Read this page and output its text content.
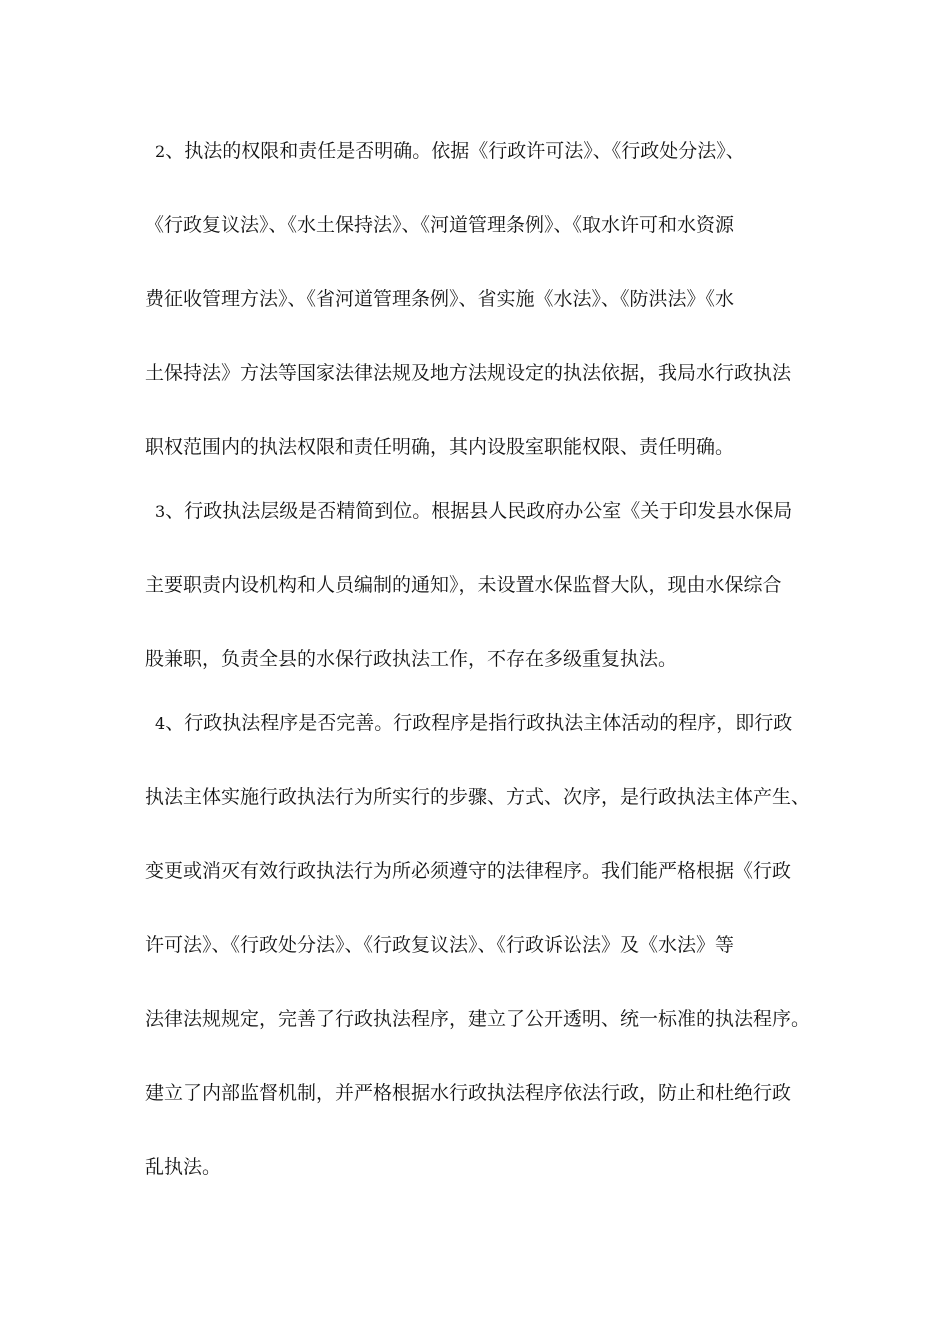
2、执法的权限和责任是否明确。依据《行政许可法》、《行政处分法》、
《行政复议法》、《水土保持法》、《河道管理条例》、《取水许可和水资源
费征收管理方法》、《省河道管理条例》、省实施《水法》、《防洪法》《水
土保持法》方法等国家法律法规及地方法规设定的执法依据，我局水行政执法
职权范围内的执法权限和责任明确，其内设股室职能权限、责任明确。
3、行政执法层级是否精简到位。根据县人民政府办公室《关于印发县水保局
主要职责内设机构和人员编制的通知》，未设置水保监督大队，现由水保综合
股兼职，负责全县的水保行政执法工作，不存在多级重复执法。
4、行政执法程序是否完善。行政程序是指行政执法主体活动的程序，即行政
执法主体实施行政执法行为所实行的步骤、方式、次序，是行政执法主体产生、
变更或消灭有效行政执法行为所必须遵守的法律程序。我们能严格根据《行政
许可法》、《行政处分法》、《行政复议法》、《行政诉讼法》及《水法》等
法律法规规定，完善了行政执法程序，建立了公开透明、统一标准的执法程序。
建立了内部监督机制，并严格根据水行政执法程序依法行政，防止和杜绝行政
乱执法。
